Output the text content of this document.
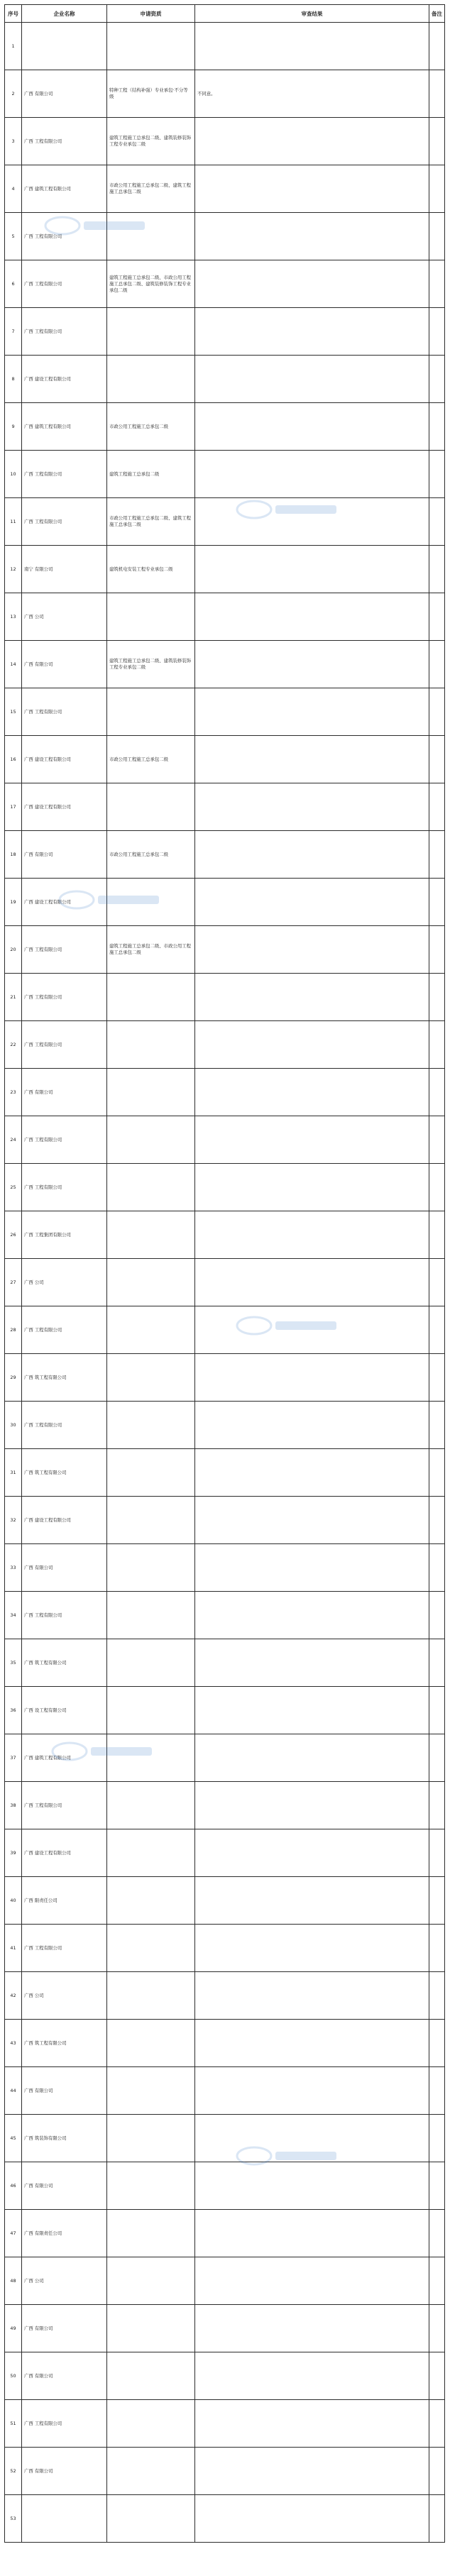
序号	企业名称	申请资质	审查结果	备注
1				
2	广西 有限公司	特种工程（结构补强）专业承包·不分等级	不同意。	
3	广西 工程有限公司	建筑工程施工总承包二级、建筑装修装饰工程专业承包二级		
4	广西 建筑工程有限公司	市政公用工程施工总承包二级、建筑工程施工总承包二级		
5	广西 工程有限公司			
6	广西 工程有限公司	建筑工程施工总承包二级、市政公用工程施工总承包二级、建筑装修装饰工程专业承包二级		
7	广西 工程有限公司			
8	广西 建设工程有限公司			
9	广西 建筑工程有限公司	市政公用工程施工总承包二级		
10	广西 工程有限公司	建筑工程施工总承包二级		
11	广西 工程有限公司	市政公用工程施工总承包二级、建筑工程施工总承包二级		
12	南宁 有限公司	建筑机电安装工程专业承包二级		
13	广西 公司			
14	广西 有限公司	建筑工程施工总承包二级、建筑装修装饰工程专业承包二级		
15	广西 工程有限公司			
16	广西 建设工程有限公司	市政公用工程施工总承包二级		
17	广西 建设工程有限公司			
18	广西 有限公司	市政公用工程施工总承包二级		
19	广西 建设工程有限公司			
20	广西 工程有限公司	建筑工程施工总承包二级、市政公用工程施工总承包二级		
21	广西 工程有限公司			
22	广西 工程有限公司			
23	广西 有限公司			
24	广西 工程有限公司			
25	广西 工程有限公司			
26	广西 工程集团有限公司			
27	广西 公司			
28	广西 工程有限公司			
29	广西 筑工程有限公司			
30	广西 工程有限公司			
31	广西 筑工程有限公司			
32	广西 建设工程有限公司			
33	广西 有限公司			
34	广西 工程有限公司			
35	广西 筑工程有限公司			
36	广西 设工程有限公司			
37	广西 建筑工程有限公司			
38	广西 工程有限公司			
39	广西 建设工程有限公司			
40	广西 限责任公司			
41	广西 工程有限公司			
42	广西 公司			
43	广西 筑工程有限公司			
44	广西 有限公司			
45	广西 筑装饰有限公司			
46	广西 有限公司			
47	广西 有限责任公司			
48	广西 公司			
49	广西 有限公司			
50	广西 有限公司			
51	广西 工程有限公司			
52	广西 有限公司			
53				
